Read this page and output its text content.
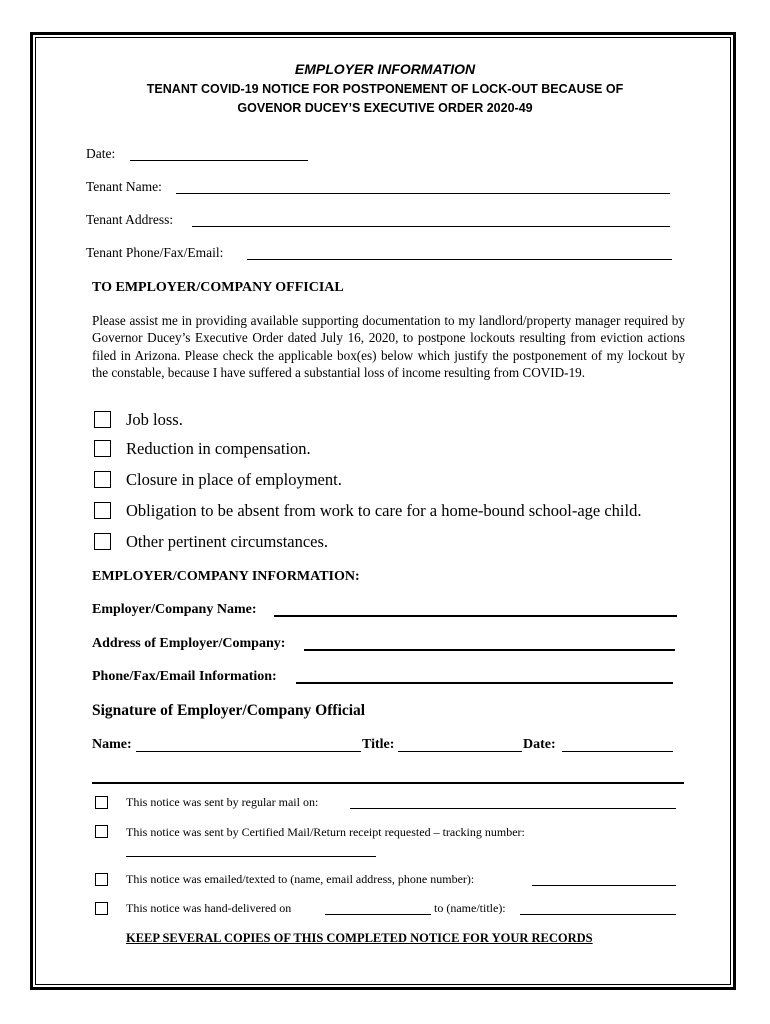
EMPLOYER INFORMATION
TENANT COVID-19 NOTICE FOR POSTPONEMENT OF LOCK-OUT BECAUSE OF
GOVENOR DUCEY’S EXECUTIVE ORDER 2020-49
Date:
Tenant Name:
Tenant Address:
Tenant Phone/Fax/Email:
TO EMPLOYER/COMPANY OFFICIAL
Please assist me in providing available supporting documentation to my landlord/property manager required by Governor Ducey’s Executive Order dated July 16, 2020, to postpone lockouts resulting from eviction actions filed in Arizona. Please check the applicable box(es) below which justify the postponement of my lockout by the constable, because I have suffered a substantial loss of income resulting from COVID-19.
Job loss.
Reduction in compensation.
Closure in place of employment.
Obligation to be absent from work to care for a home-bound school-age child.
Other pertinent circumstances.
EMPLOYER/COMPANY INFORMATION:
Employer/Company Name:
Address of Employer/Company:
Phone/Fax/Email Information:
Signature of Employer/Company Official
Name:	Title:	Date:
This notice was sent by regular mail on:
This notice was sent by Certified Mail/Return receipt requested – tracking number:
This notice was emailed/texted to (name, email address, phone number):
This notice was hand-delivered on	to (name/title):
KEEP SEVERAL COPIES OF THIS COMPLETED NOTICE FOR YOUR RECORDS
